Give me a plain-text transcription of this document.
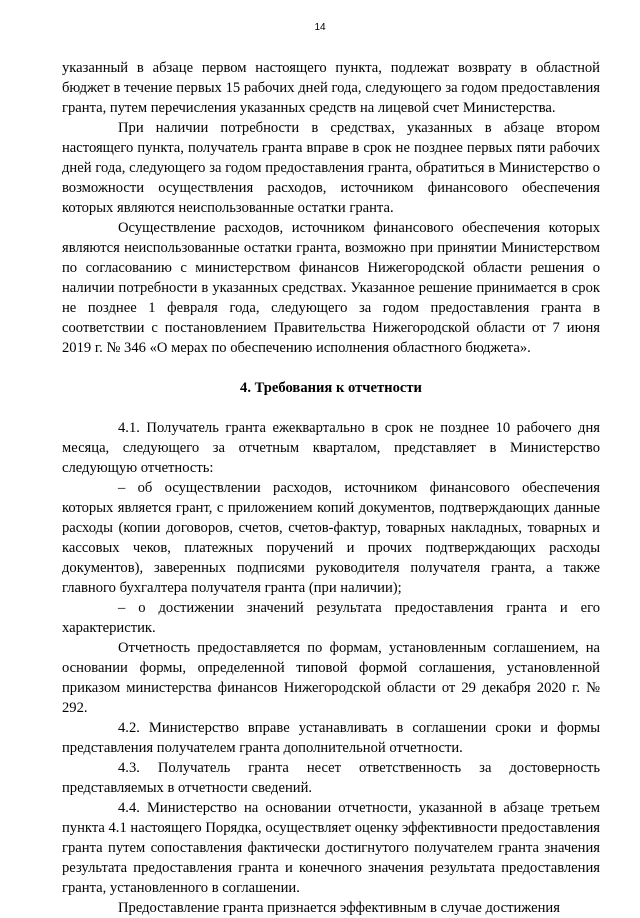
14

указанный в абзаце первом настоящего пункта, подлежат возврату в областной бюджет в течение первых 15 рабочих дней года, следующего за годом предоставления гранта, путем перечисления указанных средств на лицевой счет Министерства.

При наличии потребности в средствах, указанных в абзаце втором настоящего пункта, получатель гранта вправе в срок не позднее первых пяти рабочих дней года, следующего за годом предоставления гранта, обратиться в Министерство о возможности осуществления расходов, источником финансового обеспечения которых являются неиспользованные остатки гранта.

Осуществление расходов, источником финансового обеспечения которых являются неиспользованные остатки гранта, возможно при принятии Министерством по согласованию с министерством финансов Нижегородской области решения о наличии потребности в указанных средствах. Указанное решение принимается в срок не позднее 1 февраля года, следующего за годом предоставления гранта в соответствии с постановлением Правительства Нижегородской области от 7 июня 2019 г. № 346 «О мерах по обеспечению исполнения областного бюджета».

4. Требования к отчетности

4.1. Получатель гранта ежеквартально в срок не позднее 10 рабочего дня месяца, следующего за отчетным кварталом, представляет в Министерство следующую отчетность:

– об осуществлении расходов, источником финансового обеспечения которых является грант, с приложением копий документов, подтверждающих данные расходы (копии договоров, счетов, счетов-фактур, товарных накладных, товарных и кассовых чеков, платежных поручений и прочих подтверждающих расходы документов), заверенных подписями руководителя получателя гранта, а также главного бухгалтера получателя гранта (при наличии);

– о достижении значений результата предоставления гранта и его характеристик.

Отчетность предоставляется по формам, установленным соглашением, на основании формы, определенной типовой формой соглашения, установленной приказом министерства финансов Нижегородской области от 29 декабря 2020 г. № 292.

4.2. Министерство вправе устанавливать в соглашении сроки и формы представления получателем гранта дополнительной отчетности.

4.3. Получатель гранта несет ответственность за достоверность представляемых в отчетности сведений.

4.4. Министерство на основании отчетности, указанной в абзаце третьем пункта 4.1 настоящего Порядка, осуществляет оценку эффективности предоставления гранта путем сопоставления фактически достигнутого получателем гранта значения результата предоставления гранта и конечного значения результата предоставления гранта, установленного в соглашении.

Предоставление гранта признается эффективным в случае достижения
